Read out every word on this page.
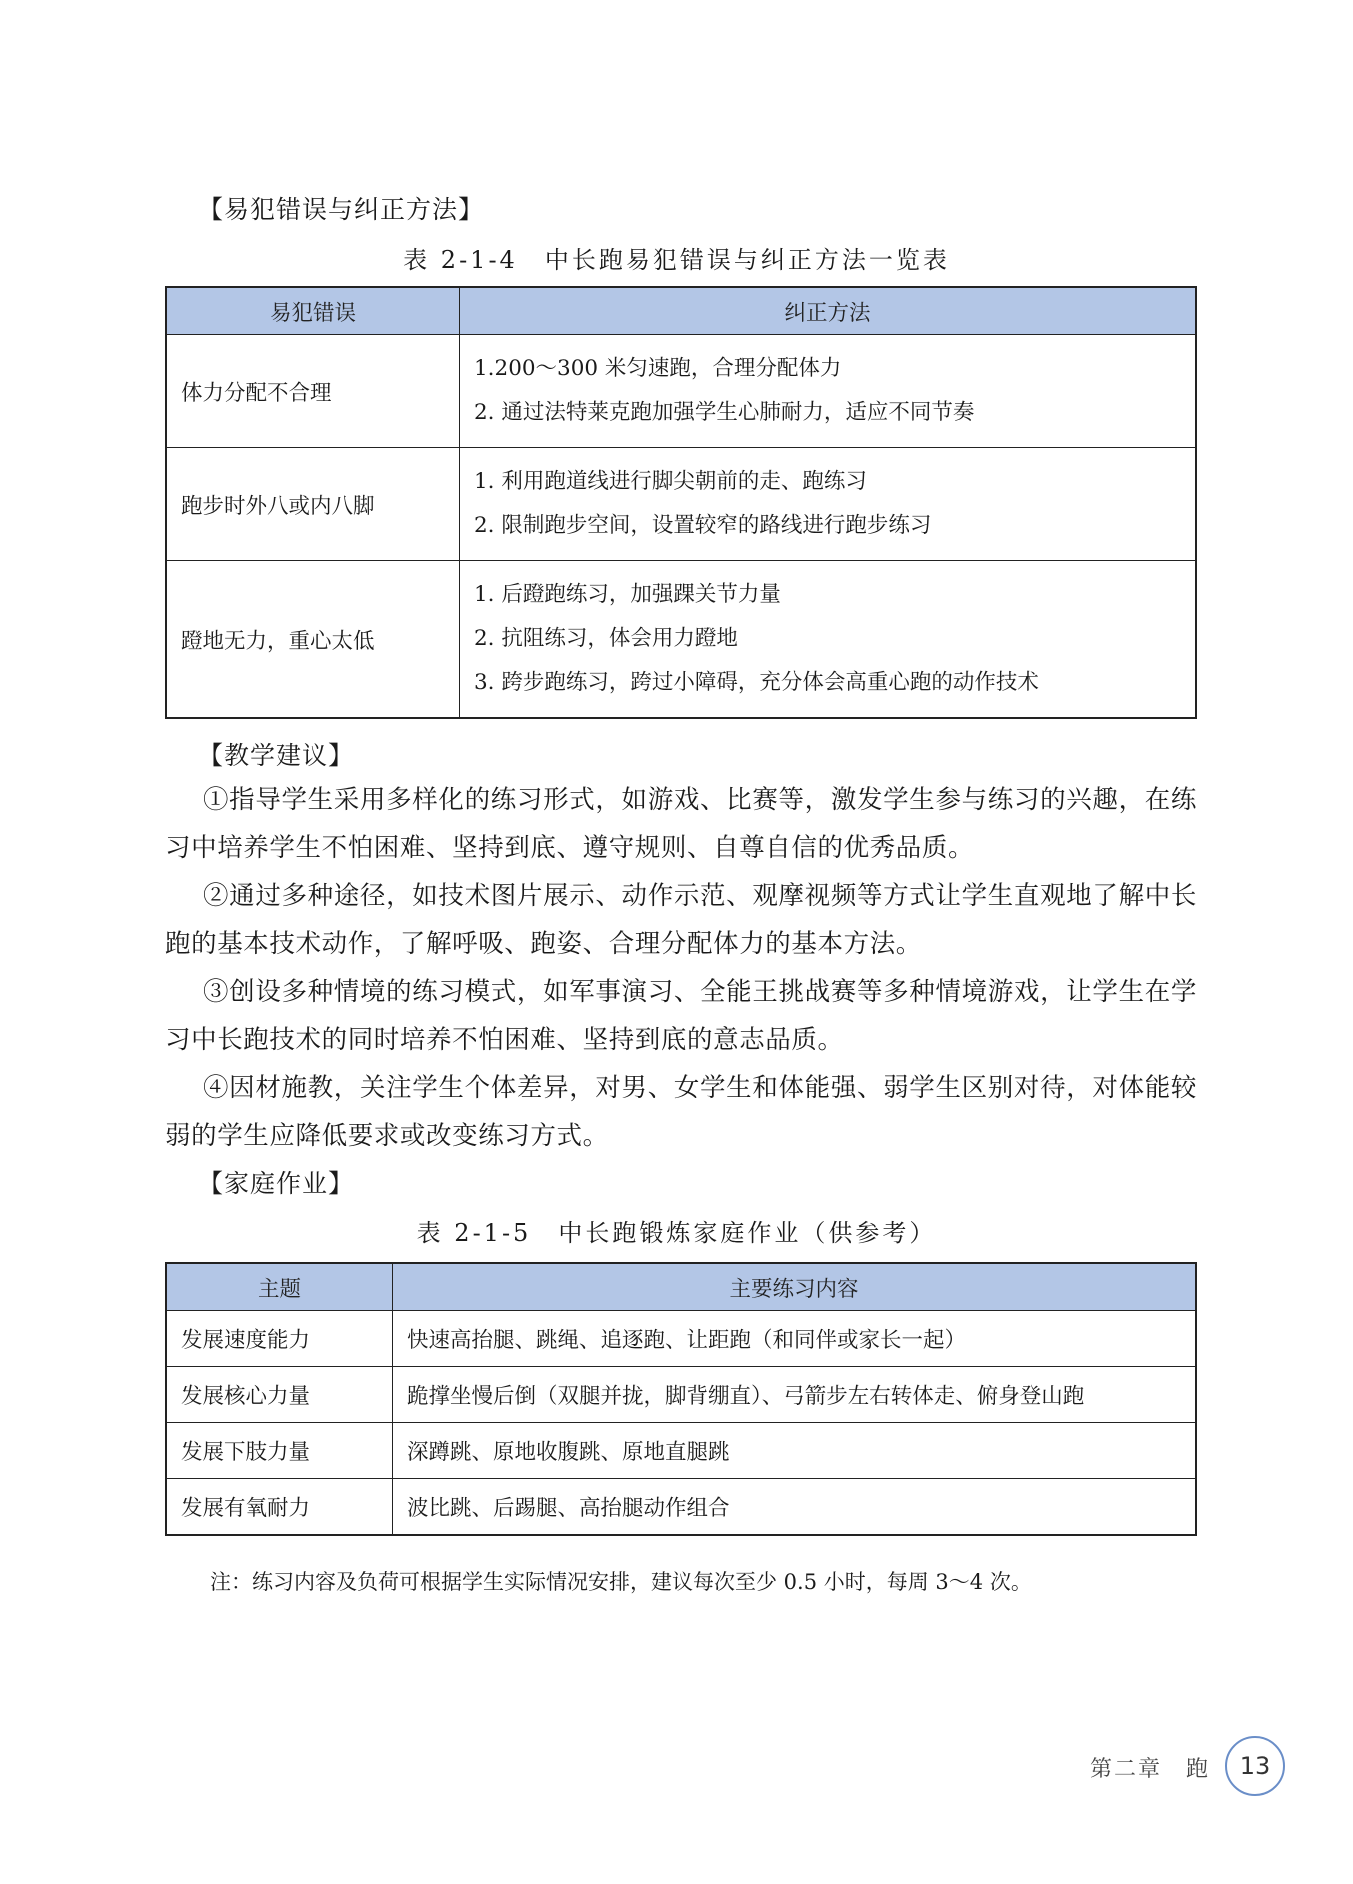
【易犯错误与纠正方法】
表 2-1-4　中长跑易犯错误与纠正方法一览表
易犯错误	纠正方法
体力分配不合理	1.200～300 米匀速跑，合理分配体力
2. 通过法特莱克跑加强学生心肺耐力，适应不同节奏

跑步时外八或内八脚	1. 利用跑道线进行脚尖朝前的走、跑练习
2. 限制跑步空间，设置较窄的路线进行跑步练习

蹬地无力，重心太低	1. 后蹬跑练习，加强踝关节力量
2. 抗阻练习，体会用力蹬地
3. 跨步跑练习，跨过小障碍，充分体会高重心跑的动作技术
【教学建议】
①指导学生采用多样化的练习形式，如游戏、比赛等，激发学生参与练习的兴趣，在练习中培养学生不怕困难、坚持到底、遵守规则、自尊自信的优秀品质。
②通过多种途径，如技术图片展示、动作示范、观摩视频等方式让学生直观地了解中长跑的基本技术动作，了解呼吸、跑姿、合理分配体力的基本方法。
③创设多种情境的练习模式，如军事演习、全能王挑战赛等多种情境游戏，让学生在学习中长跑技术的同时培养不怕困难、坚持到底的意志品质。
④因材施教，关注学生个体差异，对男、女学生和体能强、弱学生区别对待，对体能较弱的学生应降低要求或改变练习方式。
【家庭作业】
表 2-1-5　中长跑锻炼家庭作业（供参考）
主题	主要练习内容
发展速度能力	快速高抬腿、跳绳、追逐跑、让距跑（和同伴或家长一起）
发展核心力量	跪撑坐慢后倒（双腿并拢，脚背绷直）、弓箭步左右转体走、俯身登山跑
发展下肢力量	深蹲跳、原地收腹跳、原地直腿跳
发展有氧耐力	波比跳、后踢腿、高抬腿动作组合
注：练习内容及负荷可根据学生实际情况安排，建议每次至少 0.5 小时，每周 3～4 次。
第二章　跑 13
